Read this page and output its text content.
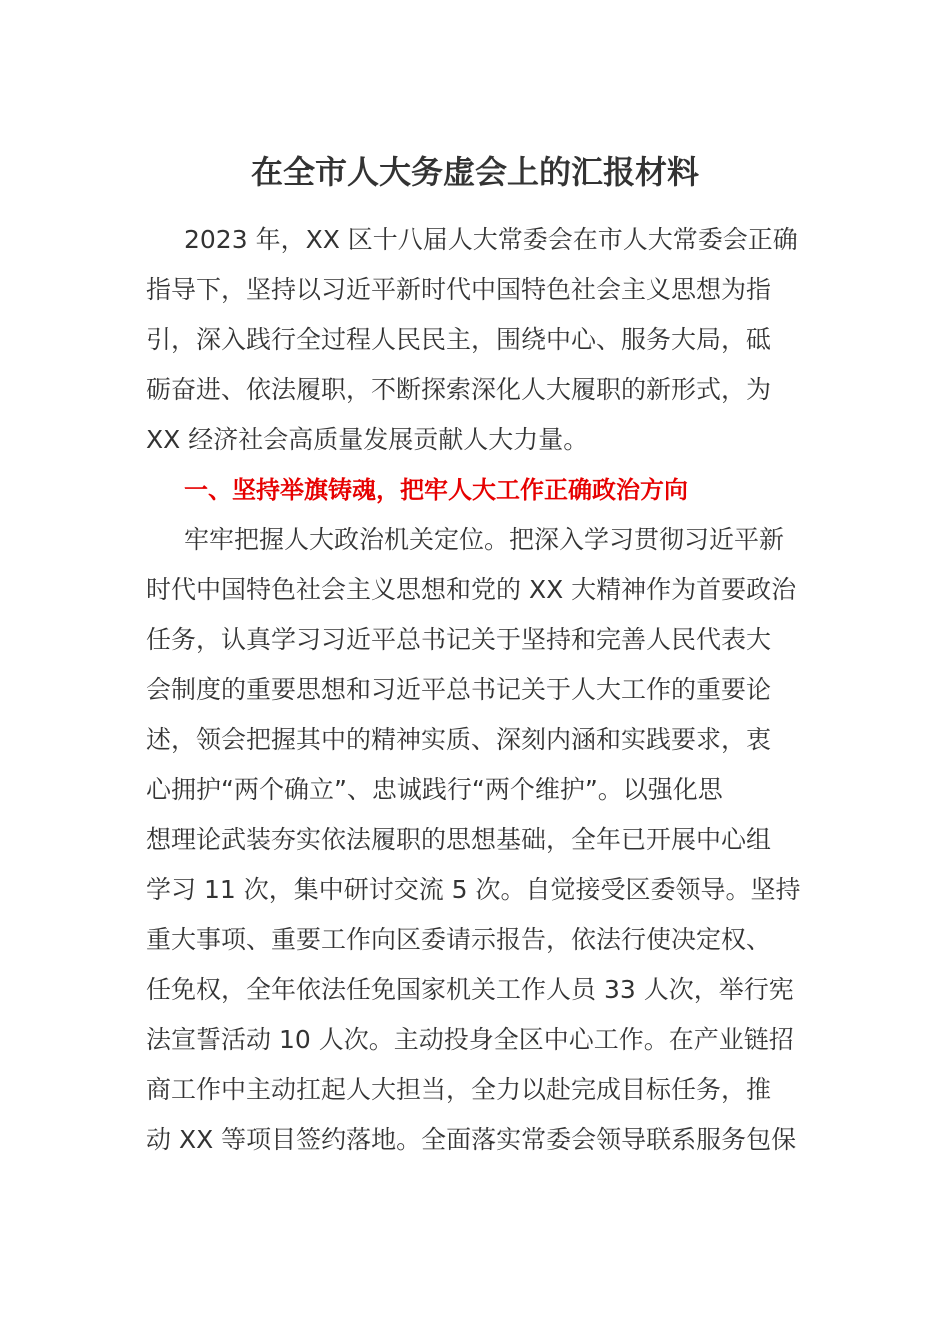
在全市人大务虚会上的汇报材料
2023 年，XX 区十八届人大常委会在市人大常委会正确
指导下，坚持以习近平新时代中国特色社会主义思想为指
引，深入践行全过程人民民主，围绕中心、服务大局，砥
砺奋进、依法履职，不断探索深化人大履职的新形式，为
XX 经济社会高质量发展贡献人大力量。
一、坚持举旗铸魂，把牢人大工作正确政治方向
牢牢把握人大政治机关定位。把深入学习贯彻习近平新
时代中国特色社会主义思想和党的 XX 大精神作为首要政治
任务，认真学习习近平总书记关于坚持和完善人民代表大
会制度的重要思想和习近平总书记关于人大工作的重要论
述，领会把握其中的精神实质、深刻内涵和实践要求，衷
心拥护“两个确立”、忠诚践行“两个维护”。以强化思
想理论武装夯实依法履职的思想基础，全年已开展中心组
学习 11 次，集中研讨交流 5 次。自觉接受区委领导。坚持
重大事项、重要工作向区委请示报告，依法行使决定权、
任免权，全年依法任免国家机关工作人员 33 人次，举行宪
法宣誓活动 10 人次。主动投身全区中心工作。在产业链招
商工作中主动扛起人大担当，全力以赴完成目标任务，推
动 XX 等项目签约落地。全面落实常委会领导联系服务包保
